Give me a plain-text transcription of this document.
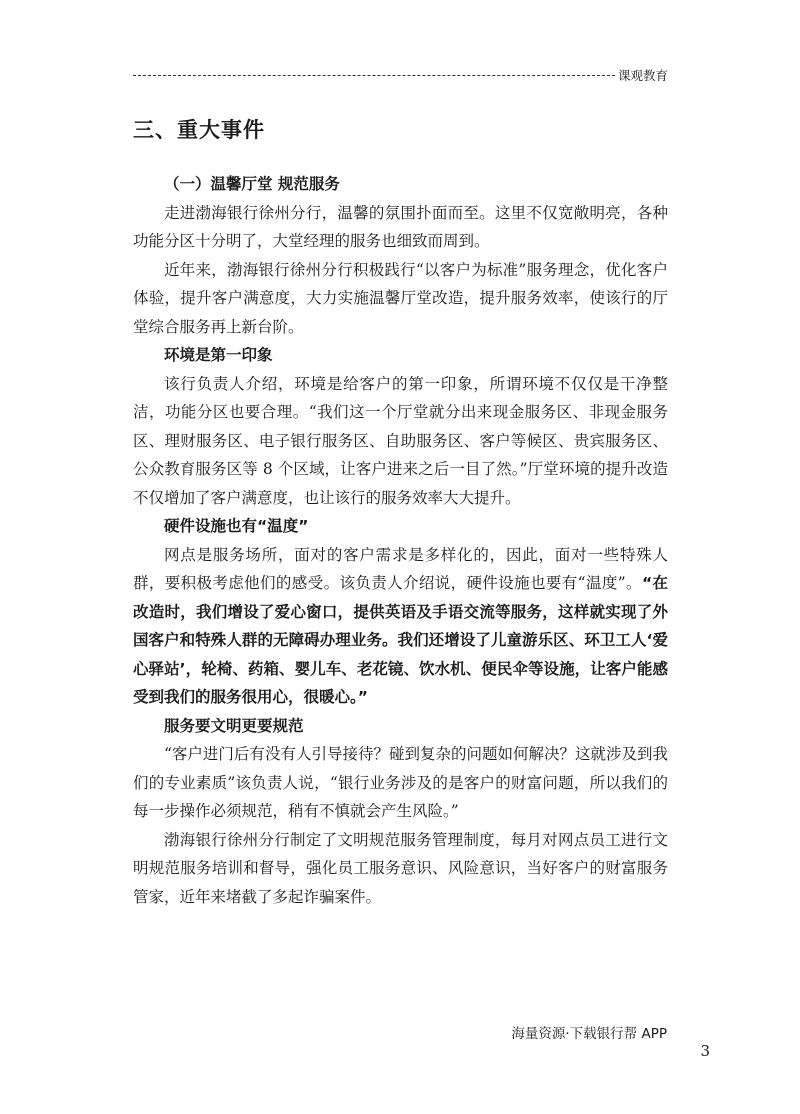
课观教育
三、重大事件
（一）温馨厅堂 规范服务

走进渤海银行徐州分行，温馨的氛围扑面而至。这里不仅宽敞明亮，各种功能分区十分明了，大堂经理的服务也细致而周到。

近年来，渤海银行徐州分行积极践行“以客户为标准”服务理念，优化客户体验，提升客户满意度，大力实施温馨厅堂改造，提升服务效率，使该行的厅堂综合服务再上新台阶。

环境是第一印象

该行负责人介绍，环境是给客户的第一印象，所谓环境不仅仅是干净整洁，功能分区也要合理。“我们这一个厅堂就分出来现金服务区、非现金服务区、理财服务区、电子银行服务区、自助服务区、客户等候区、贵宾服务区、公众教育服务区等 8 个区域，让客户进来之后一目了然。”厅堂环境的提升改造不仅增加了客户满意度，也让该行的服务效率大大提升。

硬件设施也有“温度”

网点是服务场所，面对的客户需求是多样化的，因此，面对一些特殊人群，要积极考虑他们的感受。该负责人介绍说，硬件设施也要有“温度”。“在改造时，我们增设了爱心窗口，提供英语及手语交流等服务，这样就实现了外国客户和特殊人群的无障碍办理业务。我们还增设了儿童游乐区、环卫工人‘爱心驿站’，轮椅、药箱、婴儿车、老花镜、饮水机、便民伞等设施，让客户能感受到我们的服务很用心，很暖心。”

服务要文明更要规范

“客户进门后有没有人引导接待？碰到复杂的问题如何解决？这就涉及到我们的专业素质”该负责人说，“银行业务涉及的是客户的财富问题，所以我们的每一步操作必须规范，稍有不慎就会产生风险。”

渤海银行徐州分行制定了文明规范服务管理制度，每月对网点员工进行文明规范服务培训和督导，强化员工服务意识、风险意识，当好客户的财富服务管家，近年来堵截了多起诈骗案件。

海量资源·下载银行帮 APP
3
